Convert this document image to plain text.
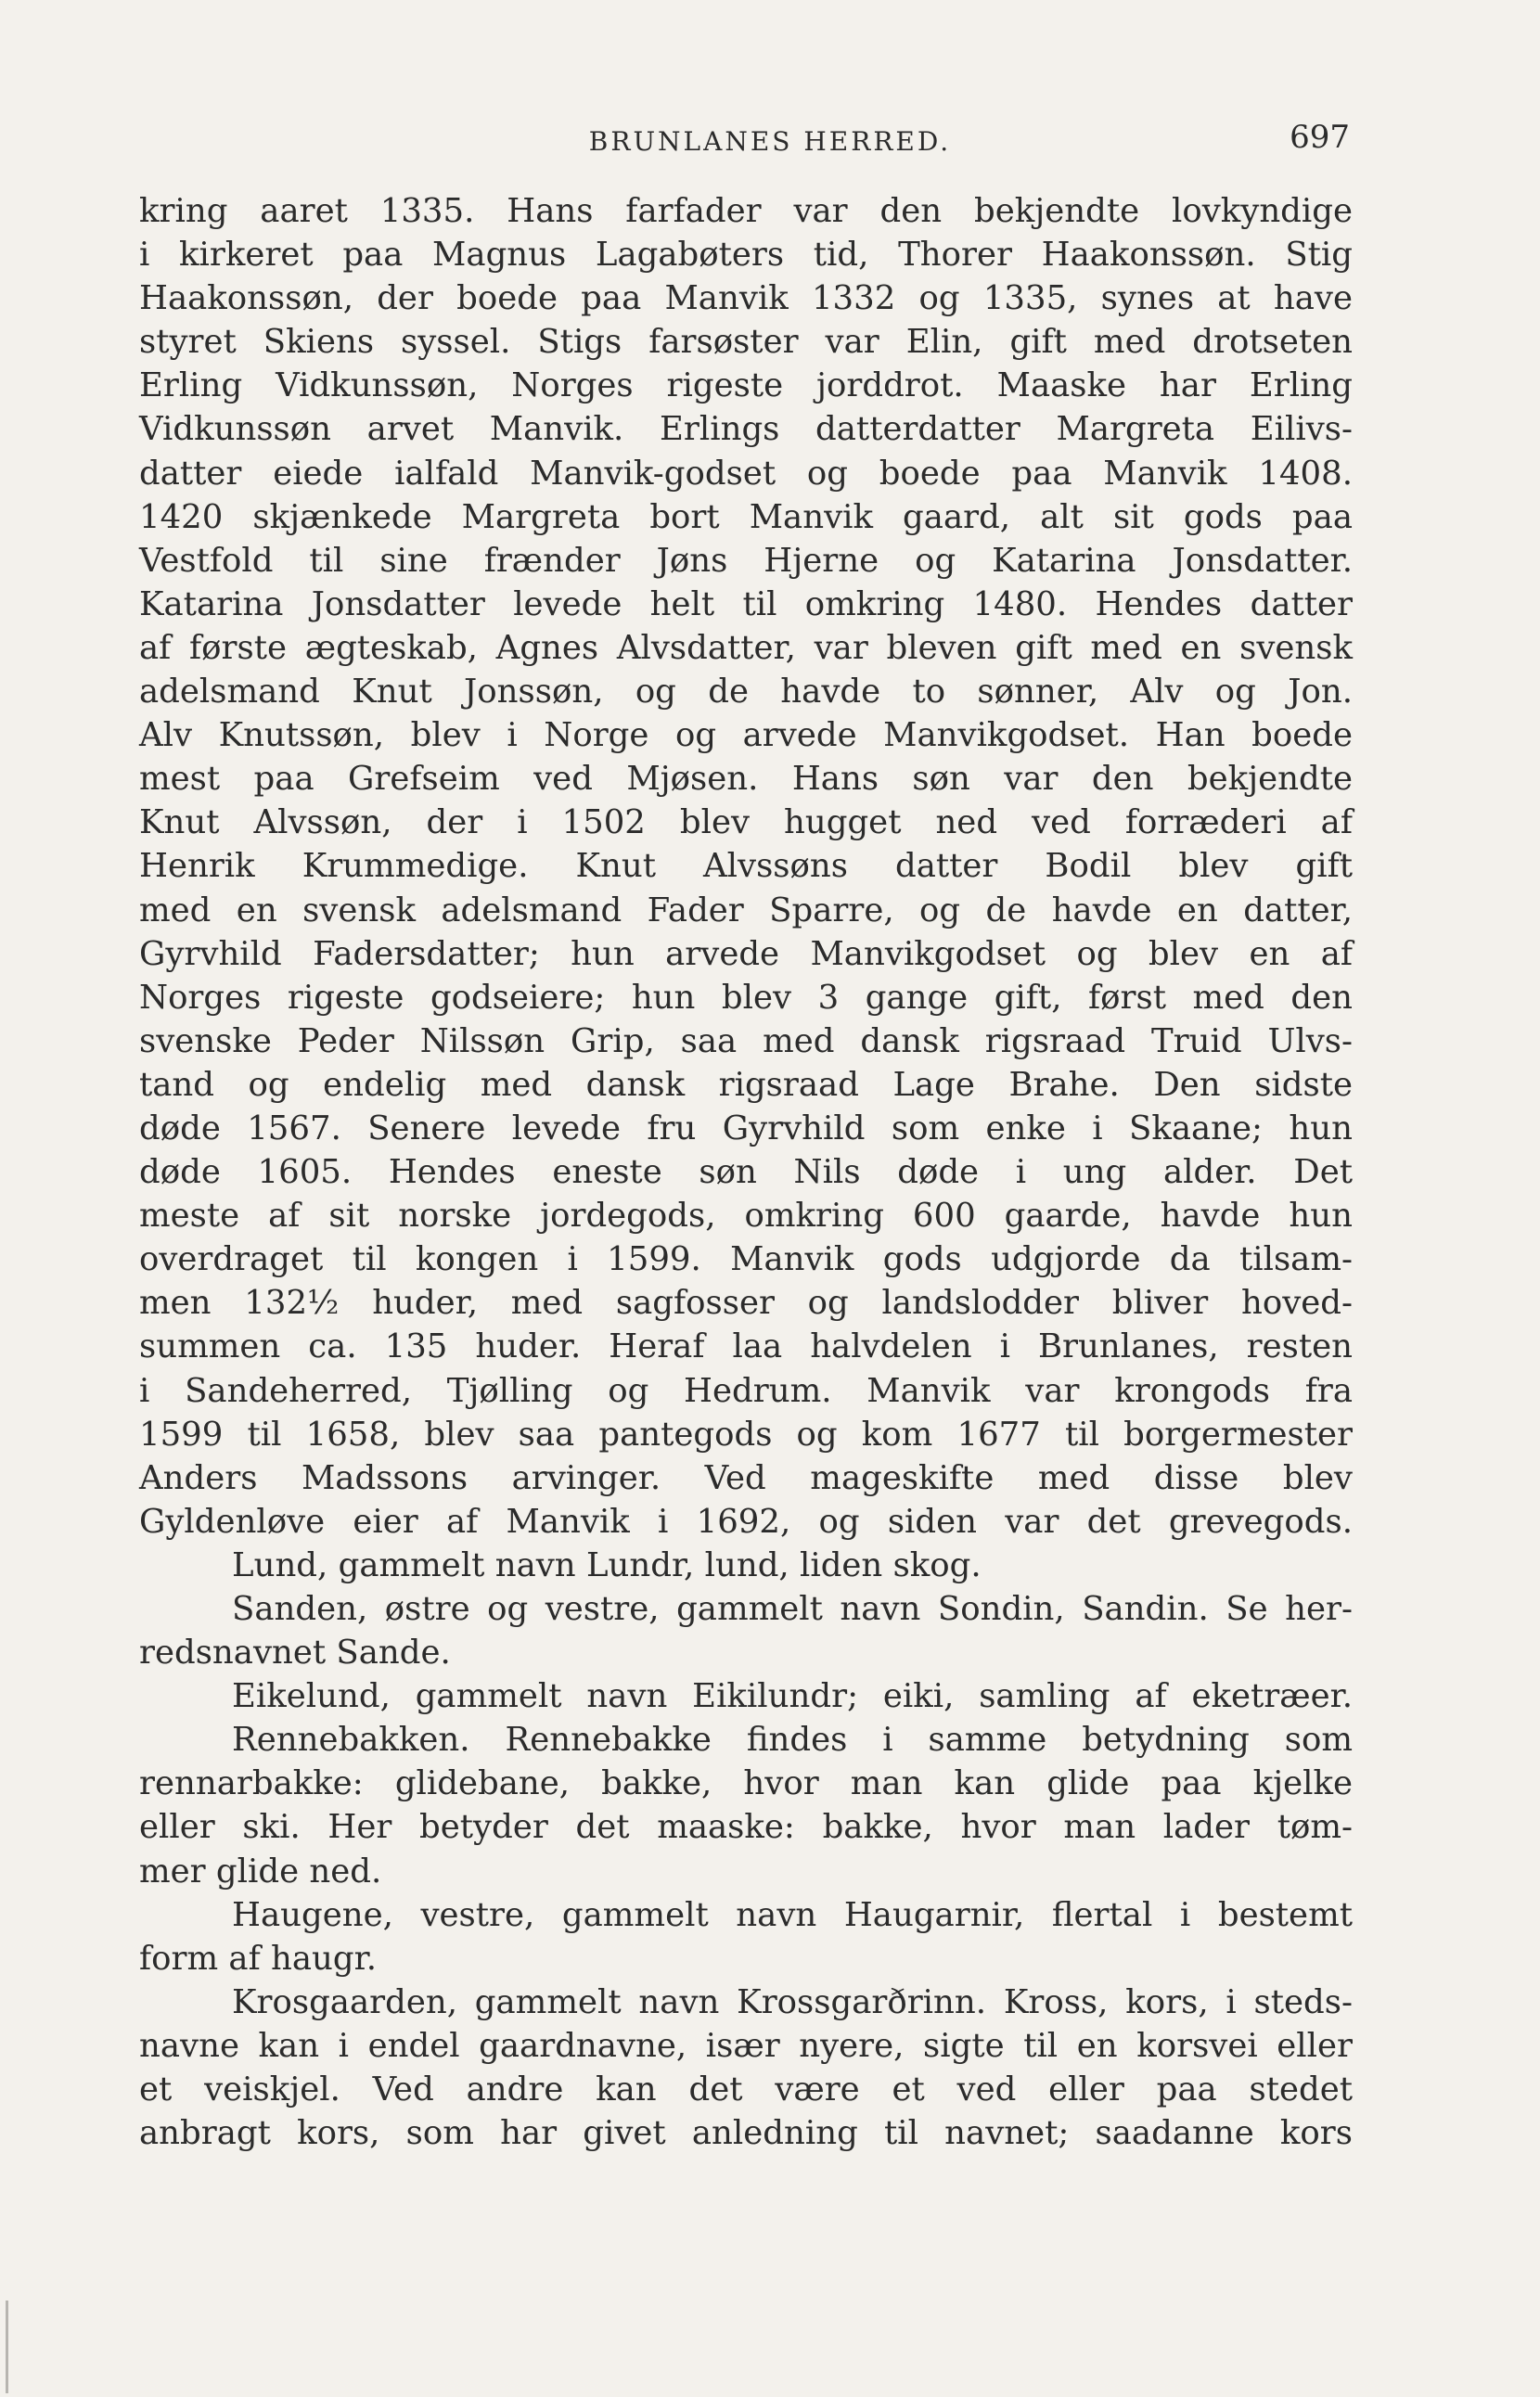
BRUNLANES HERRED.	697
kring aaret 1335. Hans farfader var den bekjendte lovkyndige
i kirkeret paa Magnus Lagabøters tid, Thorer Haakonssøn. Stig
Haakonssøn, der boede paa Manvik 1332 og 1335, synes at have
styret Skiens syssel. Stigs farsøster var Elin, gift med drotseten
Erling Vidkunssøn, Norges rigeste jorddrot. Maaske har Erling
Vidkunssøn arvet Manvik. Erlings datterdatter Margreta Eilivs-
datter eiede ialfald Manvik-godset og boede paa Manvik 1408.
1420 skjænkede Margreta bort Manvik gaard, alt sit gods paa
Vestfold til sine frænder Jøns Hjerne og Katarina Jonsdatter.
Katarina Jonsdatter levede helt til omkring 1480. Hendes datter
af første ægteskab, Agnes Alvsdatter, var bleven gift med en svensk
adelsmand Knut Jonssøn, og de havde to sønner, Alv og Jon.
Alv Knutssøn, blev i Norge og arvede Manvikgodset. Han boede
mest paa Grefseim ved Mjøsen. Hans søn var den bekjendte
Knut Alvssøn, der i 1502 blev hugget ned ved forræderi af
Henrik Krummedige. Knut Alvssøns datter Bodil blev gift
med en svensk adelsmand Fader Sparre, og de havde en datter,
Gyrvhild Fadersdatter; hun arvede Manvikgodset og blev en af
Norges rigeste godseiere; hun blev 3 gange gift, først med den
svenske Peder Nilssøn Grip, saa med dansk rigsraad Truid Ulvs-
tand og endelig med dansk rigsraad Lage Brahe. Den sidste
døde 1567. Senere levede fru Gyrvhild som enke i Skaane; hun
døde 1605. Hendes eneste søn Nils døde i ung alder. Det
meste af sit norske jordegods, omkring 600 gaarde, havde hun
overdraget til kongen i 1599. Manvik gods udgjorde da tilsam-
men 132½ huder, med sagfosser og landslodder bliver hoved-
summen ca. 135 huder. Heraf laa halvdelen i Brunlanes, resten
i Sandeherred, Tjølling og Hedrum. Manvik var krongods fra
1599 til 1658, blev saa pantegods og kom 1677 til borgermester
Anders Madssons arvinger. Ved mageskifte med disse blev
Gyldenløve eier af Manvik i 1692, og siden var det grevegods.
Lund, gammelt navn Lundr, lund, liden skog.
Sanden, østre og vestre, gammelt navn Sondin, Sandin. Se her-
redsnavnet Sande.
Eikelund, gammelt navn Eikilundr; eiki, samling af eketræer.
Rennebakken. Rennebakke findes i samme betydning som
rennarbakke: glidebane, bakke, hvor man kan glide paa kjelke
eller ski. Her betyder det maaske: bakke, hvor man lader tøm-
mer glide ned.
Haugene, vestre, gammelt navn Haugarnir, flertal i bestemt
form af haugr.
Krosgaarden, gammelt navn Krossgarðrinn. Kross, kors, i steds-
navne kan i endel gaardnavne, især nyere, sigte til en korsvei eller
et veiskjel. Ved andre kan det være et ved eller paa stedet
anbragt kors, som har givet anledning til navnet; saadanne kors
